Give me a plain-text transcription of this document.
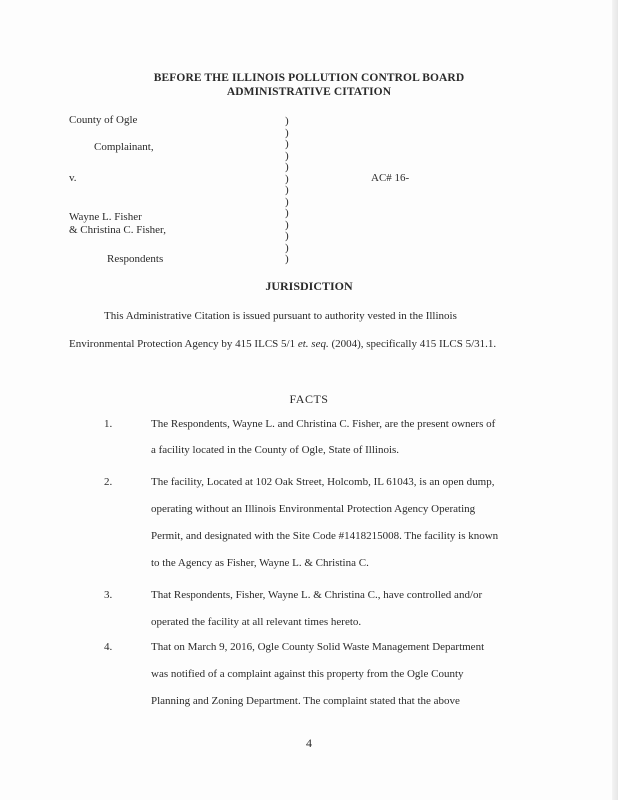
BEFORE THE ILLINOIS POLLUTION CONTROL BOARD
ADMINISTRATIVE CITATION
County of Ogle
Complainant,
v.	AC# 16-
Wayne L. Fisher
& Christina C. Fisher,
Respondents
)
)
)
)
)
)
)
)
)
)
)
)
)
JURISDICTION
This Administrative Citation is issued pursuant to authority vested in the Illinois
Environmental Protection Agency by 415 ILCS 5/1 et. seq. (2004), specifically 415 ILCS 5/31.1.
FACTS
1.	The Respondents, Wayne L. and Christina C. Fisher, are the present owners of
a facility located in the County of Ogle, State of Illinois.
2.	The facility, Located at 102 Oak Street, Holcomb, IL 61043, is an open dump,
operating without an Illinois Environmental Protection Agency Operating
Permit, and designated with the Site Code #1418215008. The facility is known
to the Agency as Fisher, Wayne L. & Christina C.
3.	That Respondents, Fisher, Wayne L. & Christina C., have controlled and/or
operated the facility at all relevant times hereto.
4.	That on March 9, 2016, Ogle County Solid Waste Management Department
was notified of a complaint against this property from the Ogle County
Planning and Zoning Department. The complaint stated that the above
4
